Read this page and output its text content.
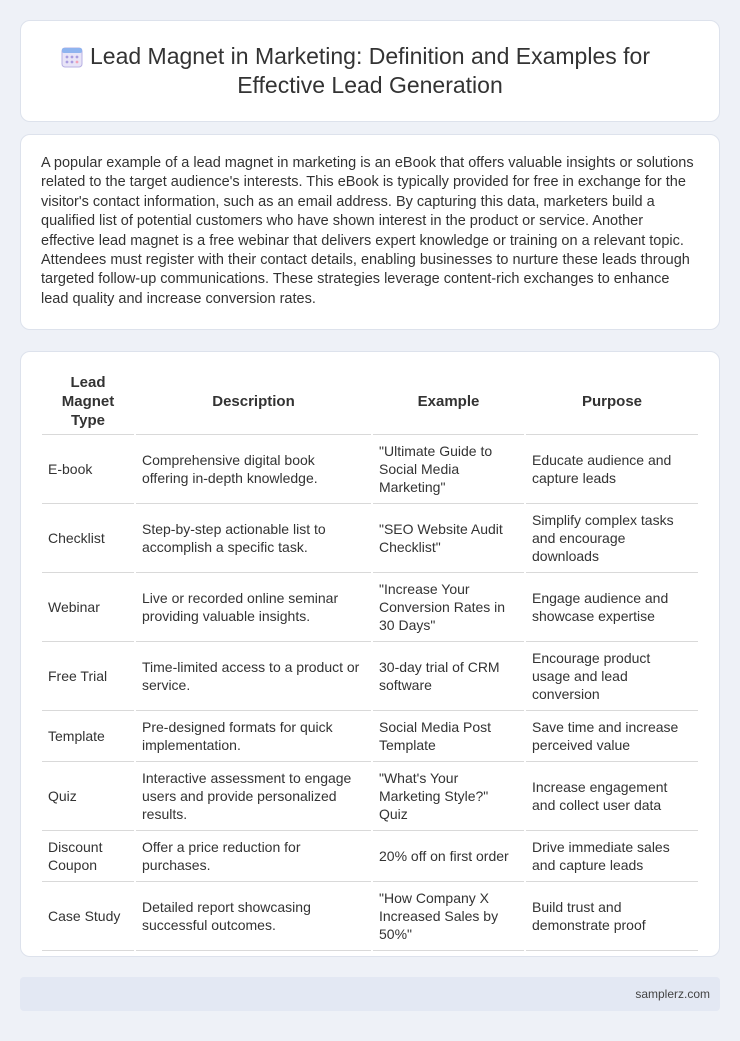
Lead Magnet in Marketing: Definition and Examples for Effective Lead Generation

A popular example of a lead magnet in marketing is an eBook that offers valuable insights or solutions related to the target audience's interests. This eBook is typically provided for free in exchange for the visitor's contact information, such as an email address. By capturing this data, marketers build a qualified list of potential customers who have shown interest in the product or service. Another effective lead magnet is a free webinar that delivers expert knowledge or training on a relevant topic. Attendees must register with their contact details, enabling businesses to nurture these leads through targeted follow-up communications. These strategies leverage content-rich exchanges to enhance lead quality and increase conversion rates.

Lead Magnet Type	Description	Example	Purpose
E-book	Comprehensive digital book offering in-depth knowledge.	"Ultimate Guide to Social Media Marketing"	Educate audience and capture leads
Checklist	Step-by-step actionable list to accomplish a specific task.	"SEO Website Audit Checklist"	Simplify complex tasks and encourage downloads
Webinar	Live or recorded online seminar providing valuable insights.	"Increase Your Conversion Rates in 30 Days"	Engage audience and showcase expertise
Free Trial	Time-limited access to a product or service.	30-day trial of CRM software	Encourage product usage and lead conversion
Template	Pre-designed formats for quick implementation.	Social Media Post Template	Save time and increase perceived value
Quiz	Interactive assessment to engage users and provide personalized results.	"What's Your Marketing Style?" Quiz	Increase engagement and collect user data
Discount Coupon	Offer a price reduction for purchases.	20% off on first order	Drive immediate sales and capture leads
Case Study	Detailed report showcasing successful outcomes.	"How Company X Increased Sales by 50%"	Build trust and demonstrate proof
samplerz.com
